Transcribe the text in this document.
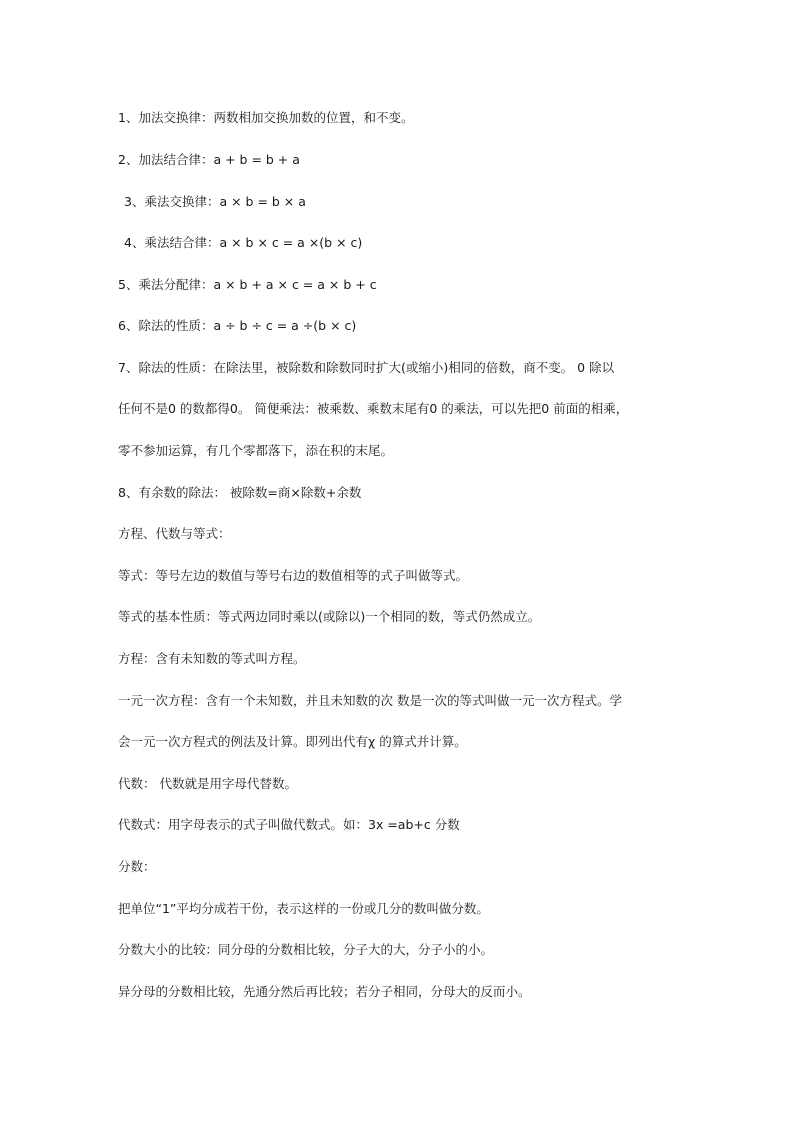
1、加法交换律：两数相加交换加数的位置，和不变。
2、加法结合律：a + b = b + a
3、乘法交换律：a × b = b × a
4、乘法结合律：a × b × c = a ×(b × c)
5、乘法分配律：a × b + a × c = a × b + c
6、除法的性质：a ÷ b ÷ c = a ÷(b × c)
7、除法的性质：在除法里，被除数和除数同时扩大(或缩小)相同的倍数，商不变。 0 除以
任何不是0 的数都得0。 简便乘法：被乘数、乘数末尾有0 的乘法，可以先把0 前面的相乘，
零不参加运算，有几个零都落下，添在积的末尾。
8、有余数的除法： 被除数=商×除数+余数
方程、代数与等式：
等式：等号左边的数值与等号右边的数值相等的式子叫做等式。
等式的基本性质：等式两边同时乘以(或除以)一个相同的数，等式仍然成立。
方程：含有未知数的等式叫方程。
一元一次方程：含有一个未知数，并且未知数的次 数是一次的等式叫做一元一次方程式。学
会一元一次方程式的例法及计算。即列出代有χ 的算式并计算。
代数： 代数就是用字母代替数。
代数式：用字母表示的式子叫做代数式。如：3x =ab+c 分数
分数：
把单位“1”平均分成若干份，表示这样的一份或几分的数叫做分数。
分数大小的比较：同分母的分数相比较，分子大的大，分子小的小。
异分母的分数相比较，先通分然后再比较；若分子相同，分母大的反而小。
